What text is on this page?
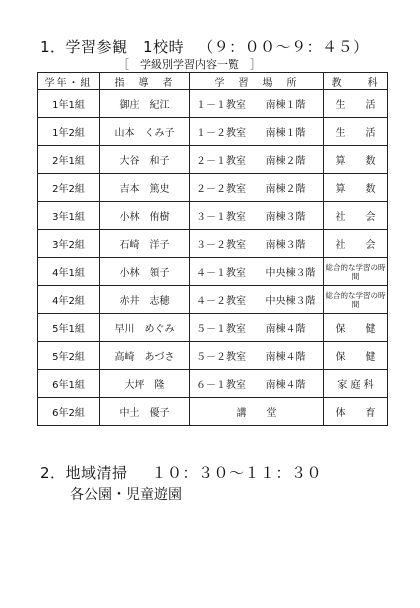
1．学習参観　1校時 （９：００～９：４５）
［　学級別学習内容一覧　］
学年・組	指　導　者	学　習　場　所		教　　科
1年1組	御庄　紀江	１－１教室	南棟１階	生　　活
1年2組	山本　くみ子	１－２教室	南棟１階	生　　活
2年1組	大谷　和子	２－１教室	南棟２階	算　　数
2年2組	吉本　篤史	２－２教室	南棟２階	算　　数
3年1組	小林　侑樹	３－１教室	南棟３階	社　　会
3年2組	石崎　洋子	３－２教室	南棟３階	社　　会
4年1組	小林　領子	４－１教室	中央棟３階	総合的な学習の時間
4年2組	赤井　志穂	４－２教室	中央棟３階	総合的な学習の時間
5年1組	早川　めぐみ	５－１教室	南棟４階	保　　健
5年2組	高崎　あづさ	５－２教室	南棟４階	保　　健
6年1組	大坪　隆	６－１教室	南棟４階	家 庭 科
6年2組	中土　優子	講　　堂		体　　育
2．地域清掃 １０：３０～１１：３０
各公園・児童遊園
